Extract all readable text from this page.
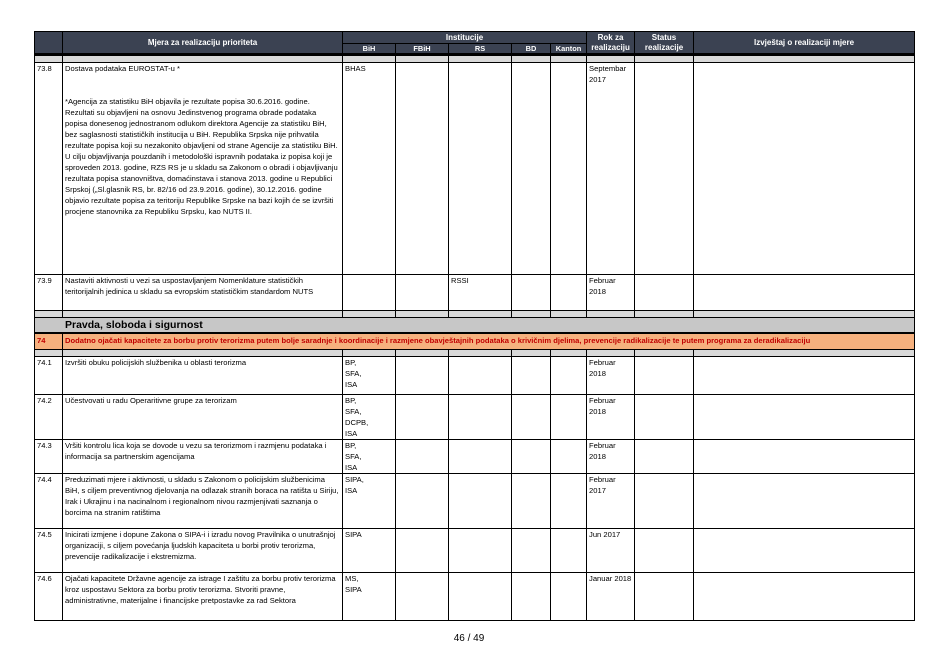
	Mjera za realizaciju prioriteta	Institucije					Rok za
realizaciju	Status
realizacije	Izvještaj o realizaciji mjere
		BiH	FBiH	RS	BD	Kanton			

73.8	Dostava podataka EUROSTAT-u *
*Agencija za statistiku BiH objavila je rezultate popisa 30.6.2016. godine. Rezultati su objavljeni na osnovu Jedinstvenog programa obrade podataka popisa donesenog jednostranom odlukom direktora Agencije za statistiku BiH, bez saglasnosti statističkih institucija u BiH. Republika Srpska nije prihvatila rezultate popisa koji su nezakonito objavljeni od strane Agencije za statistiku BiH. U cilju objavljivanja pouzdanih i metodološki ispravnih podataka iz popisa koji je sproveden 2013. godine, RZS RS je u skladu sa Zakonom o obradi i objavljivanju rezultata popisa stanovništva, domaćinstava i stanova 2013. godine u Republici Srpskoj („Sl.glasnik RS, br. 82/16 od 23.9.2016. godine), 30.12.2016. godine objavio rezultate popisa za teritoriju Republike Srpske na bazi kojih će se izvršiti procjene stanovnika za Republiku Srpsku, kao NUTS II.	BHAS					Septembar 2017		
73.9	Nastaviti aktivnosti u vezi sa uspostavljanjem Nomenklature statističkih teritorijalnih jedinica u skladu sa evropskim statističkim standardom NUTS			RSSI			Februar 2018		

Pravda, sloboda i sigurnost									
74	Dodatno ojačati kapacitete za borbu protiv terorizma putem bolje saradnje i koordinacije i razmjene obavještajnih podataka o krivičnim djelima, prevencije radikalizacije te putem programa za deradikalizaciju								

74.1	Izvršiti obuku policijskih službenika u oblasti terorizma	BP,
SFA,
ISA					Februar 2018		
74.2	Učestvovati u radu Operaritivne grupe za terorizam	BP,
SFA,
DCPB,
ISA					Februar 2018		
74.3	Vršiti kontrolu lica koja se dovode u vezu sa terorizmom i razmjenu podataka i informacija sa partnerskim agencijama	BP,
SFA,
ISA					Februar 2018		
74.4	Preduzimati mjere i aktivnosti, u skladu s Zakonom o policijskim službenicima BiH, s ciljem preventivnog djelovanja na odlazak stranih boraca na ratišta u Siriju, Irak i Ukrajinu i na nacinalnom i regionalnom nivou razmjenjivati saznanja o borcima na stranim ratištima	SIPA,
ISA					Februar 2017		
74.5	Inicirati izmjene i dopune Zakona o SIPA-i i izradu novog Pravilnika o unutrašnjoj organizaciji, s ciljem povećanja ljudskih kapaciteta u borbi protiv terorizma, prevencije radikalizacije i ekstremizma.	SIPA					Jun 2017		
74.6	Ojačati kapacitete Državne agencije za istrage I zaštitu za borbu protiv terorizma kroz uspostavu Sektora za borbu protiv terorizma. Stvoriti pravne, administrativne, materijalne i financijske pretpostavke za rad Sektora	MS,
SIPA					Januar 2018		
46 / 49
